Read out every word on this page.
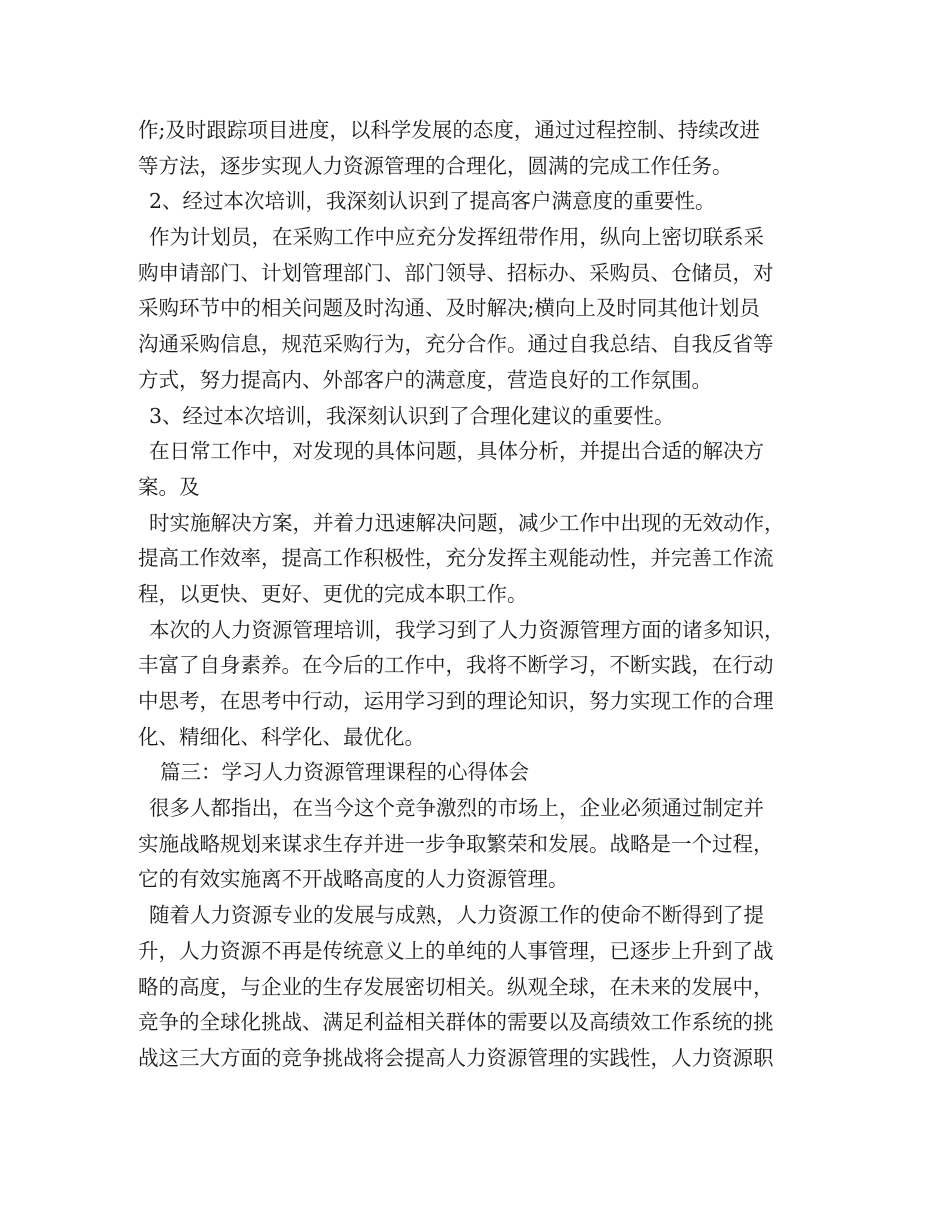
作;及时跟踪项目进度，以科学发展的态度，通过过程控制、持续改进
等方法，逐步实现人力资源管理的合理化，圆满的完成工作任务。
2、经过本次培训，我深刻认识到了提高客户满意度的重要性。
作为计划员，在采购工作中应充分发挥纽带作用，纵向上密切联系采
购申请部门、计划管理部门、部门领导、招标办、采购员、仓储员，对
采购环节中的相关问题及时沟通、及时解决;横向上及时同其他计划员
沟通采购信息，规范采购行为，充分合作。通过自我总结、自我反省等
方式，努力提高内、外部客户的满意度，营造良好的工作氛围。
3、经过本次培训，我深刻认识到了合理化建议的重要性。
在日常工作中，对发现的具体问题，具体分析，并提出合适的解决方
案。及
时实施解决方案，并着力迅速解决问题，减少工作中出现的无效动作，
提高工作效率，提高工作积极性，充分发挥主观能动性，并完善工作流
程，以更快、更好、更优的完成本职工作。
本次的人力资源管理培训，我学习到了人力资源管理方面的诸多知识，
丰富了自身素养。在今后的工作中，我将不断学习，不断实践，在行动
中思考，在思考中行动，运用学习到的理论知识，努力实现工作的合理
化、精细化、科学化、最优化。
篇三：学习人力资源管理课程的心得体会
很多人都指出，在当今这个竞争激烈的市场上，企业必须通过制定并
实施战略规划来谋求生存并进一步争取繁荣和发展。战略是一个过程，
它的有效实施离不开战略高度的人力资源管理。
随着人力资源专业的发展与成熟，人力资源工作的使命不断得到了提
升，人力资源不再是传统意义上的单纯的人事管理，已逐步上升到了战
略的高度，与企业的生存发展密切相关。纵观全球，在未来的发展中，
竞争的全球化挑战、满足利益相关群体的需要以及高绩效工作系统的挑
战这三大方面的竞争挑战将会提高人力资源管理的实践性，人力资源职
